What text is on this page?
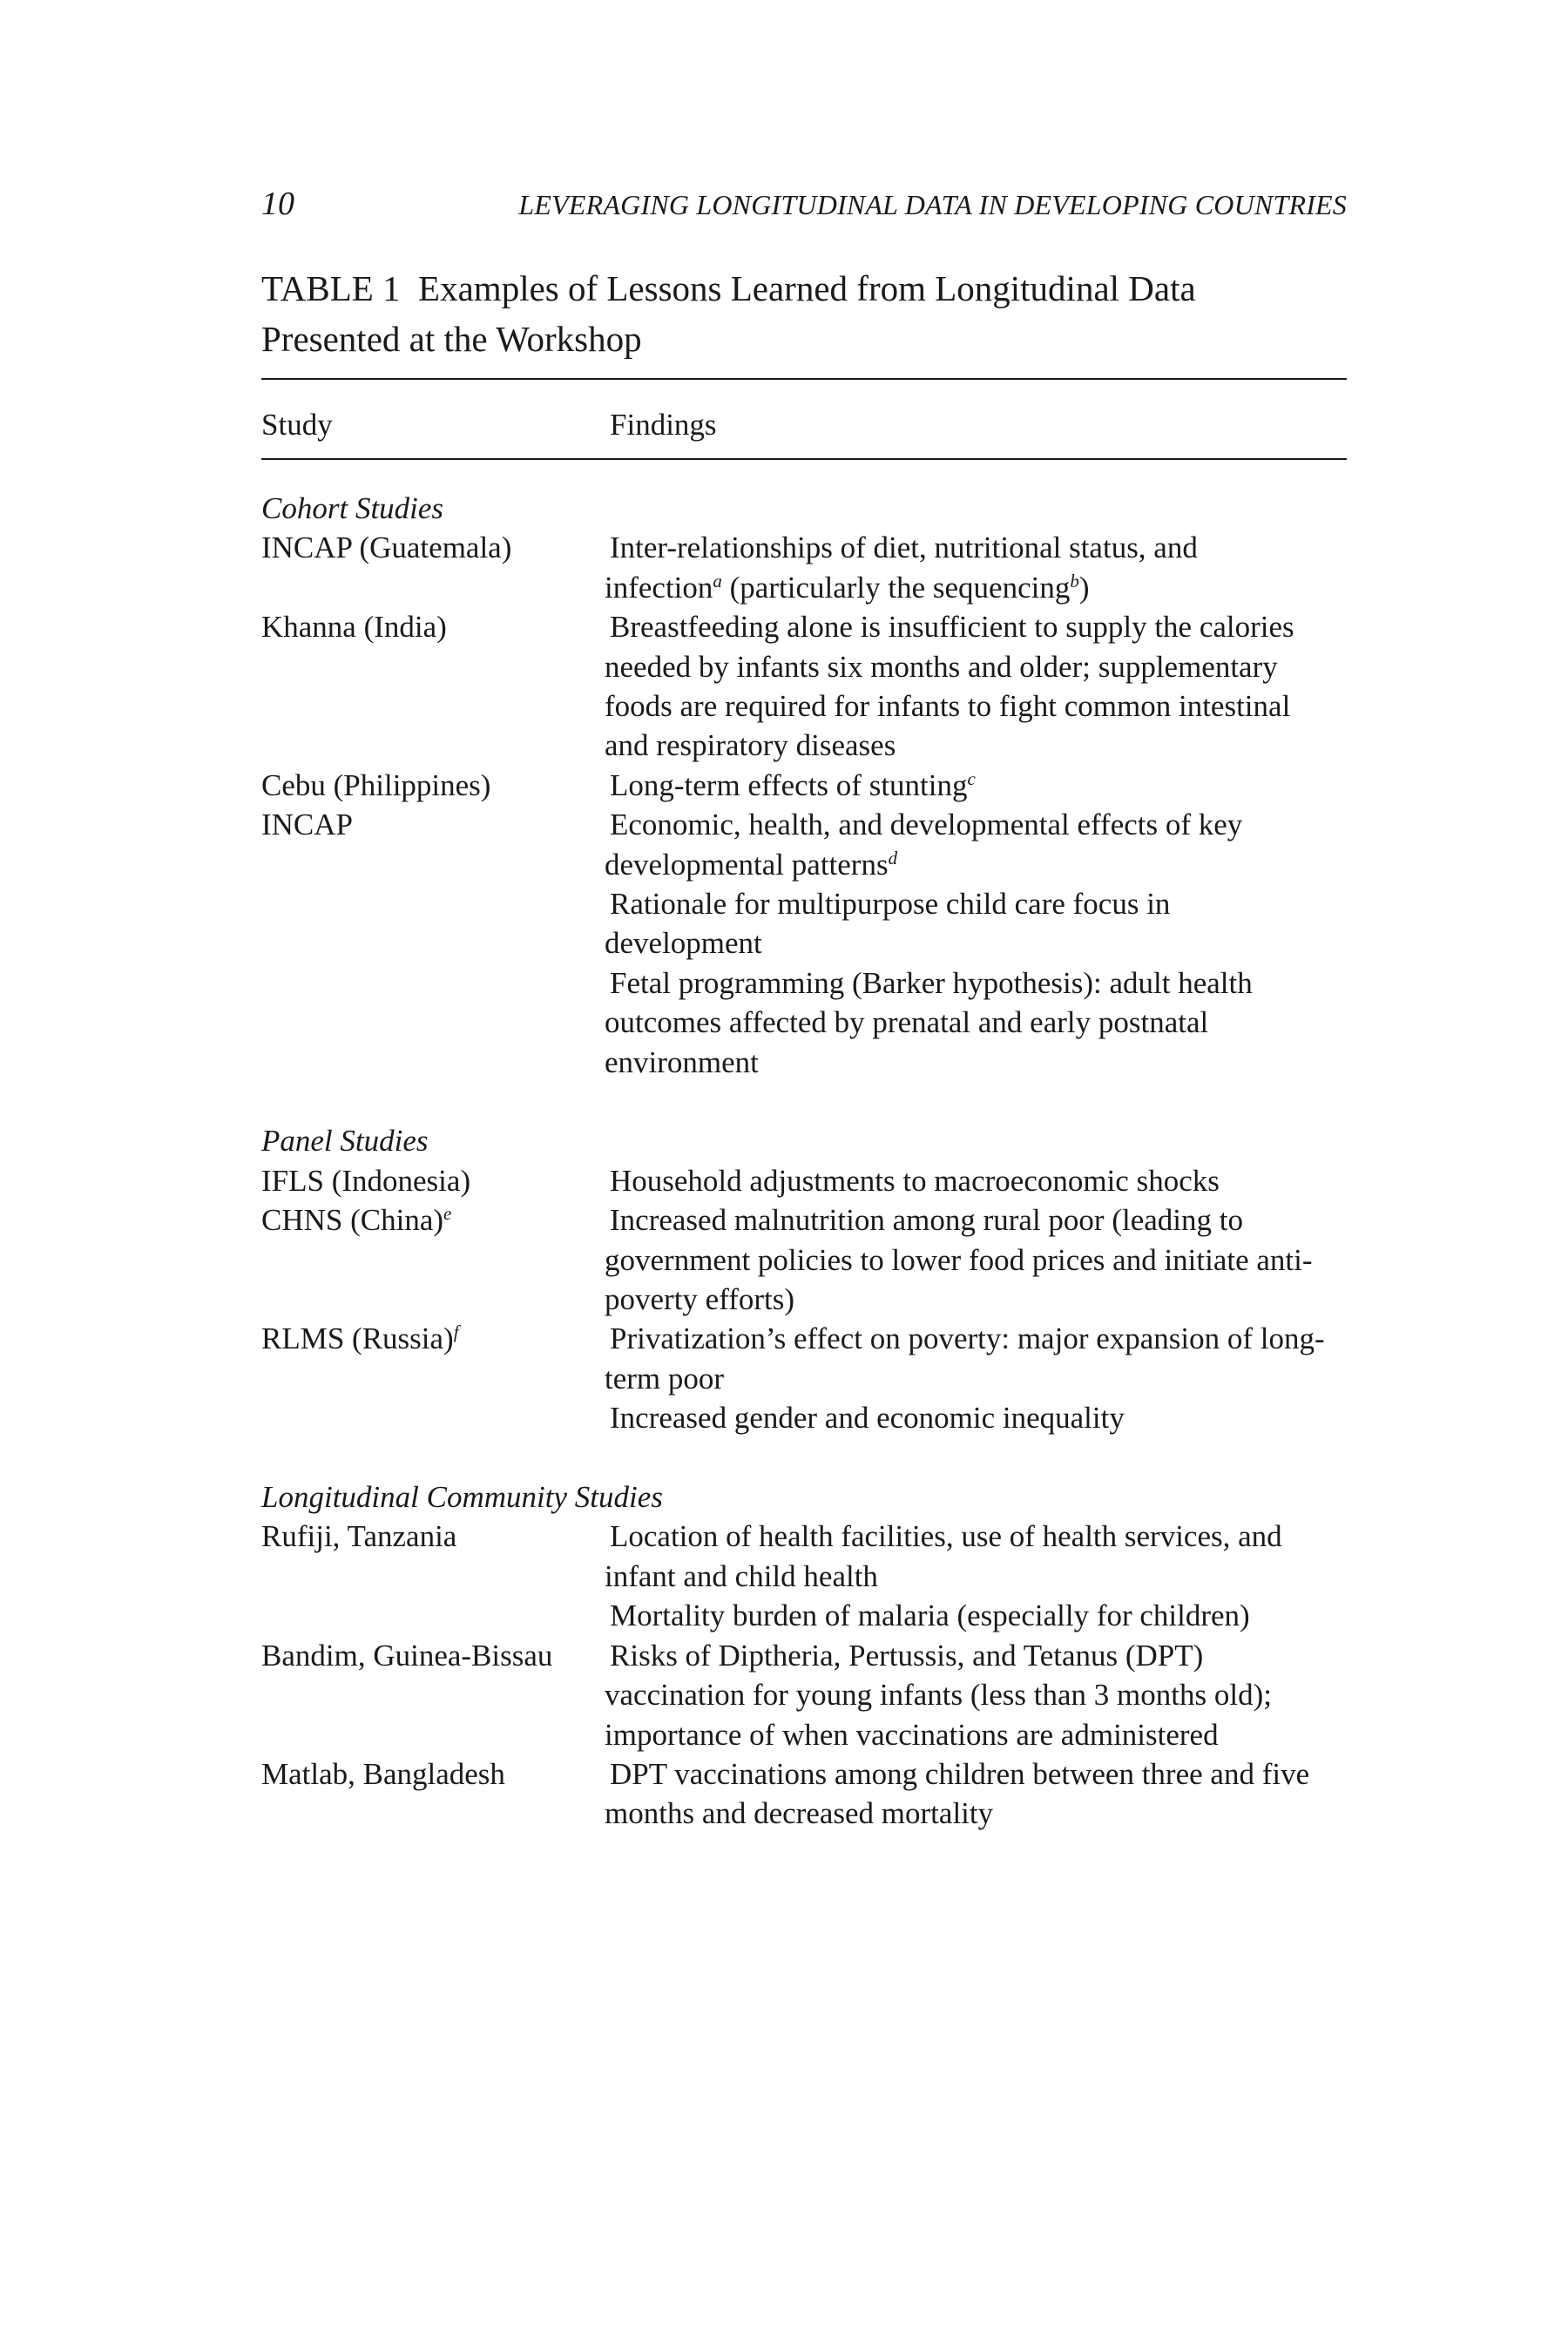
10	LEVERAGING LONGITUDINAL DATA IN DEVELOPING COUNTRIES
TABLE 1  Examples of Lessons Learned from Longitudinal Data
Presented at the Workshop
Study	Findings
Cohort Studies
INCAP (Guatemala)	Inter-relationships of diet, nutritional status, and
infection$^a$ (particularly the sequencing$^b$)
Khanna (India)	Breastfeeding alone is insufficient to supply the calories
needed by infants six months and older; supplementary
foods are required for infants to fight common intestinal
and respiratory diseases
Cebu (Philippines)	Long-term effects of stunting$^c$
INCAP	Economic, health, and developmental effects of key
developmental patterns$^d$
Rationale for multipurpose child care focus in
development
Fetal programming (Barker hypothesis): adult health
outcomes affected by prenatal and early postnatal
environment
Panel Studies
IFLS (Indonesia)	Household adjustments to macroeconomic shocks
CHNS (China)$^e$	Increased malnutrition among rural poor (leading to
government policies to lower food prices and initiate anti-
poverty efforts)
RLMS (Russia)$^f$	Privatization’s effect on poverty: major expansion of long-
term poor
Increased gender and economic inequality
Longitudinal Community Studies
Rufiji, Tanzania	Location of health facilities, use of health services, and
infant and child health
Mortality burden of malaria (especially for children)
Bandim, Guinea-Bissau	Risks of Diptheria, Pertussis, and Tetanus (DPT)
vaccination for young infants (less than 3 months old);
importance of when vaccinations are administered
Matlab, Bangladesh	DPT vaccinations among children between three and five
months and decreased mortality
